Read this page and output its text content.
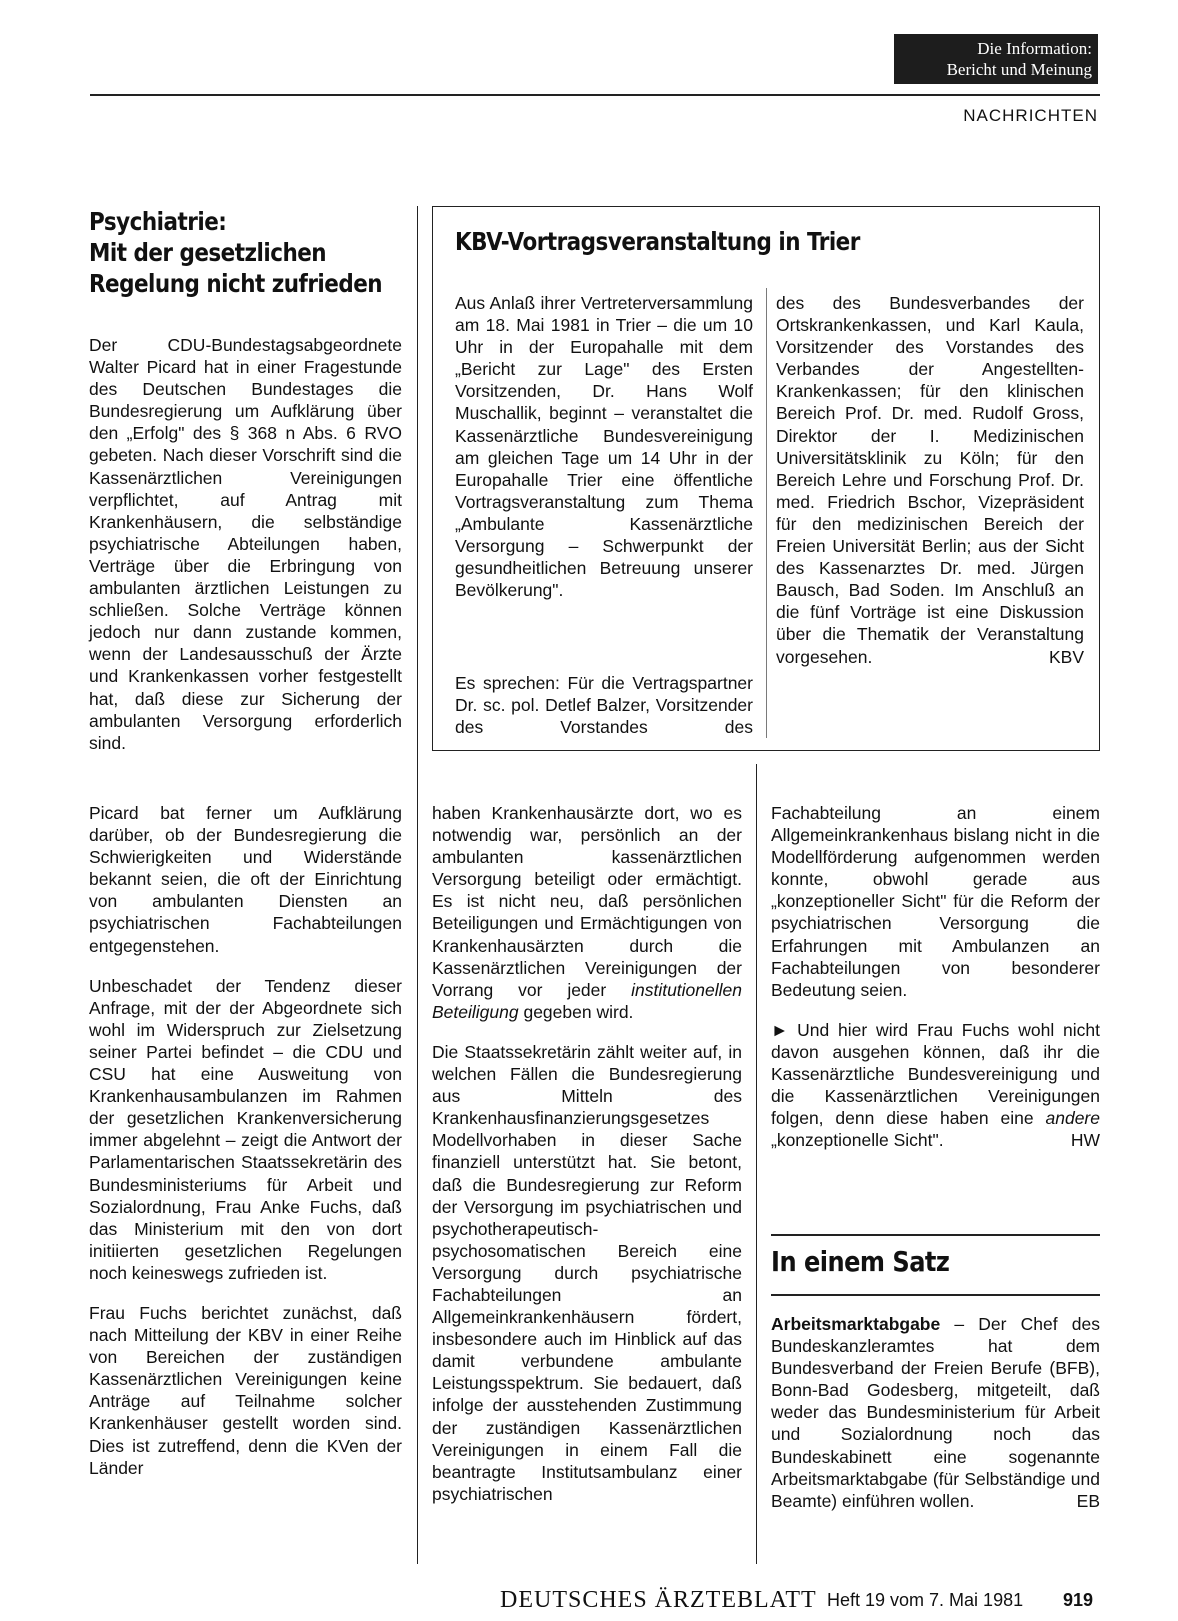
Die Information:
Bericht und Meinung
NACHRICHTEN
Psychiatrie:
Mit der gesetzlichen
Regelung nicht zufrieden

Der CDU-Bundestagsabgeordnete Walter Picard hat in einer Fragestunde des Deutschen Bundestages die Bundesregierung um Aufklärung über den „Erfolg" des § 368 n Abs. 6 RVO gebeten. Nach dieser Vorschrift sind die Kassenärztlichen Vereinigungen verpflichtet, auf Antrag mit Krankenhäusern, die selbständige psychiatrische Abteilungen haben, Verträge über die Erbringung von ambulanten ärztlichen Leistungen zu schließen. Solche Verträge können jedoch nur dann zustande kommen, wenn der Landesausschuß der Ärzte und Krankenkassen vorher festgestellt hat, daß diese zur Sicherung der ambulanten Versorgung erforderlich sind.

Picard bat ferner um Aufklärung darüber, ob der Bundesregierung die Schwierigkeiten und Widerstände bekannt seien, die oft der Einrichtung von ambulanten Diensten an psychiatrischen Fachabteilungen entgegenstehen.

Unbeschadet der Tendenz dieser Anfrage, mit der der Abgeordnete sich wohl im Widerspruch zur Zielsetzung seiner Partei befindet – die CDU und CSU hat eine Ausweitung von Krankenhausambulanzen im Rahmen der gesetzlichen Krankenversicherung immer abgelehnt – zeigt die Antwort der Parlamentarischen Staatssekretärin des Bundesministeriums für Arbeit und Sozialordnung, Frau Anke Fuchs, daß das Ministerium mit den von dort initiierten gesetzlichen Regelungen noch keineswegs zufrieden ist.

Frau Fuchs berichtet zunächst, daß nach Mitteilung der KBV in einer Reihe von Bereichen der zuständigen Kassenärztlichen Vereinigungen keine Anträge auf Teilnahme solcher Krankenhäuser gestellt worden sind. Dies ist zutreffend, denn die KVen der Länder

haben Krankenhausärzte dort, wo es notwendig war, persönlich an der ambulanten kassenärztlichen Versorgung beteiligt oder ermächtigt. Es ist nicht neu, daß persönlichen Beteiligungen und Ermächtigungen von Krankenhausärzten durch die Kassenärztlichen Vereinigungen der Vorrang vor jeder institutionellen Beteiligung gegeben wird.

Die Staatssekretärin zählt weiter auf, in welchen Fällen die Bundesregierung aus Mitteln des Krankenhausfinanzierungsgesetzes Modellvorhaben in dieser Sache finanziell unterstützt hat. Sie betont, daß die Bundesregierung zur Reform der Versorgung im psychiatrischen und psychotherapeutisch-psychosomatischen Bereich eine Versorgung durch psychiatrische Fachabteilungen an Allgemeinkrankenhäusern fördert, insbesondere auch im Hinblick auf das damit verbundene ambulante Leistungsspektrum. Sie bedauert, daß infolge der ausstehenden Zustimmung der zuständigen Kassenärztlichen Vereinigungen in einem Fall die beantragte Institutsambulanz einer psychiatrischen

Fachabteilung an einem Allgemeinkrankenhaus bislang nicht in die Modellförderung aufgenommen werden konnte, obwohl gerade aus „konzeptioneller Sicht" für die Reform der psychiatrischen Versorgung die Erfahrungen mit Ambulanzen an Fachabteilungen von besonderer Bedeutung seien.

► Und hier wird Frau Fuchs wohl nicht davon ausgehen können, daß ihr die Kassenärztliche Bundesvereinigung und die Kassenärztlichen Vereinigungen folgen, denn diese haben eine andere „konzeptionelle Sicht".	HW

KBV-Vortragsveranstaltung in Trier

Aus Anlaß ihrer Vertreterversammlung am 18. Mai 1981 in Trier – die um 10 Uhr in der Europahalle mit dem „Bericht zur Lage" des Ersten Vorsitzenden, Dr. Hans Wolf Muschallik, beginnt – veranstaltet die Kassenärztliche Bundesvereinigung am gleichen Tage um 14 Uhr in der Europahalle Trier eine öffentliche Vortragsveranstaltung zum Thema „Ambulante Kassenärztliche Versorgung – Schwerpunkt der gesundheitlichen Betreuung unserer Bevölkerung".

Es sprechen: Für die Vertragspartner Dr. sc. pol. Detlef Balzer, Vorsitzender des Vorstandes des

des des Bundesverbandes der Ortskrankenkassen, und Karl Kaula, Vorsitzender des Vorstandes des Verbandes der Angestellten-Krankenkassen; für den klinischen Bereich Prof. Dr. med. Rudolf Gross, Direktor der I. Medizinischen Universitätsklinik zu Köln; für den Bereich Lehre und Forschung Prof. Dr. med. Friedrich Bschor, Vizepräsident für den medizinischen Bereich der Freien Universität Berlin; aus der Sicht des Kassenarztes Dr. med. Jürgen Bausch, Bad Soden. Im Anschluß an die fünf Vorträge ist eine Diskussion über die Thematik der Veranstaltung vorgesehen.	KBV

In einem Satz

Arbeitsmarktabgabe – Der Chef des Bundeskanzleramtes hat dem Bundesverband der Freien Berufe (BFB), Bonn-Bad Godesberg, mitgeteilt, daß weder das Bundesministerium für Arbeit und Sozialordnung noch das Bundeskabinett eine sogenannte Arbeitsmarktabgabe (für Selbständige und Beamte) einführen wollen.	EB

DEUTSCHES ÄRZTEBLATT Heft 19 vom 7. Mai 1981 919
